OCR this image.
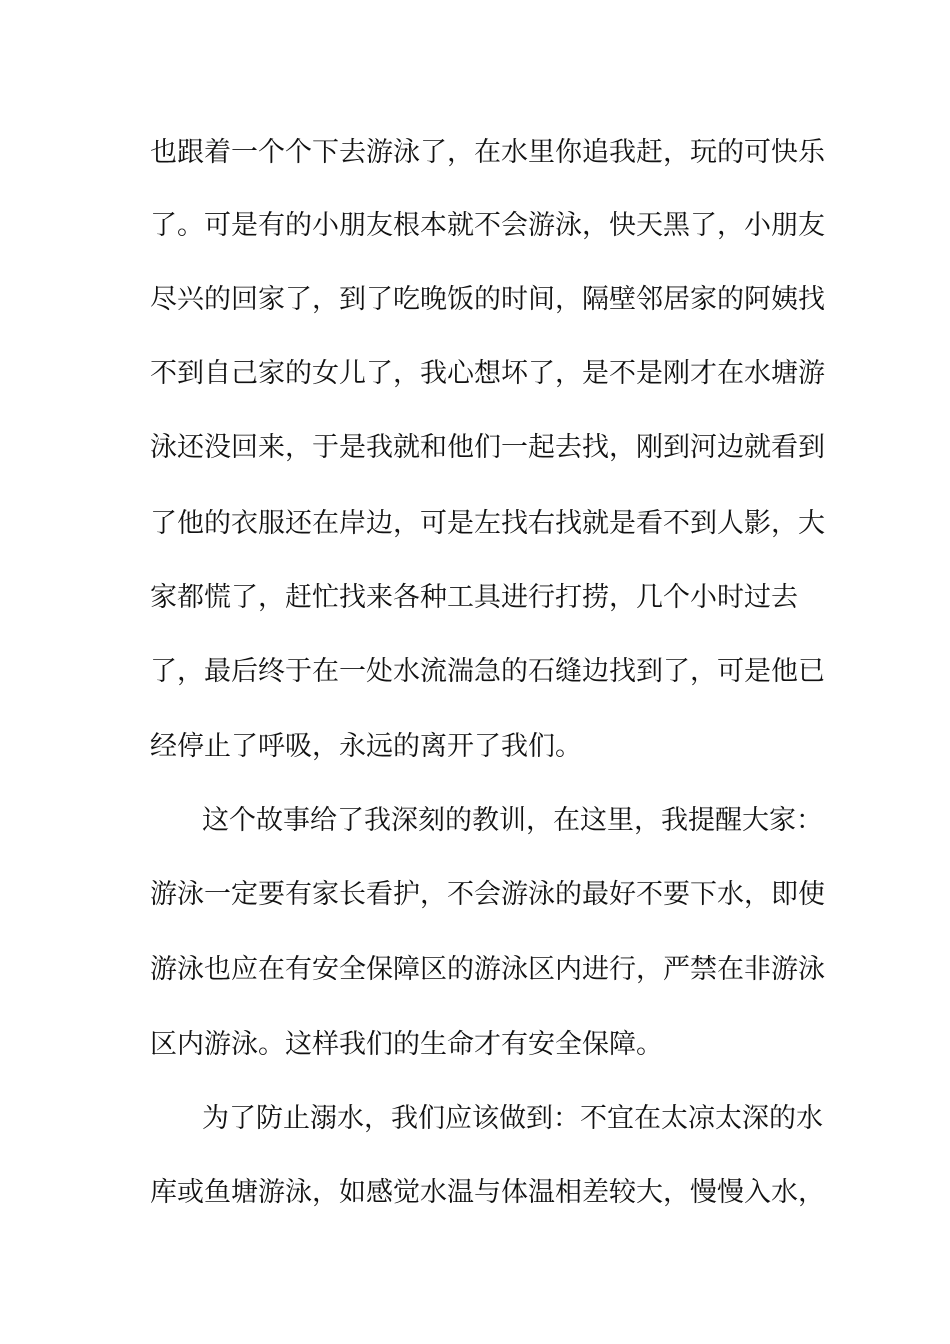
也跟着一个个下去游泳了，在水里你追我赶，玩的可快乐
了。可是有的小朋友根本就不会游泳，快天黑了，小朋友
尽兴的回家了，到了吃晚饭的时间，隔壁邻居家的阿姨找
不到自己家的女儿了，我心想坏了，是不是刚才在水塘游
泳还没回来，于是我就和他们一起去找，刚到河边就看到
了他的衣服还在岸边，可是左找右找就是看不到人影，大
家都慌了，赶忙找来各种工具进行打捞，几个小时过去
了，最后终于在一处水流湍急的石缝边找到了，可是他已
经停止了呼吸，永远的离开了我们。
这个故事给了我深刻的教训，在这里，我提醒大家：
游泳一定要有家长看护，不会游泳的最好不要下水，即使
游泳也应在有安全保障区的游泳区内进行，严禁在非游泳
区内游泳。这样我们的生命才有安全保障。
为了防止溺水，我们应该做到：不宜在太凉太深的水
库或鱼塘游泳，如感觉水温与体温相差较大，慢慢入水，
